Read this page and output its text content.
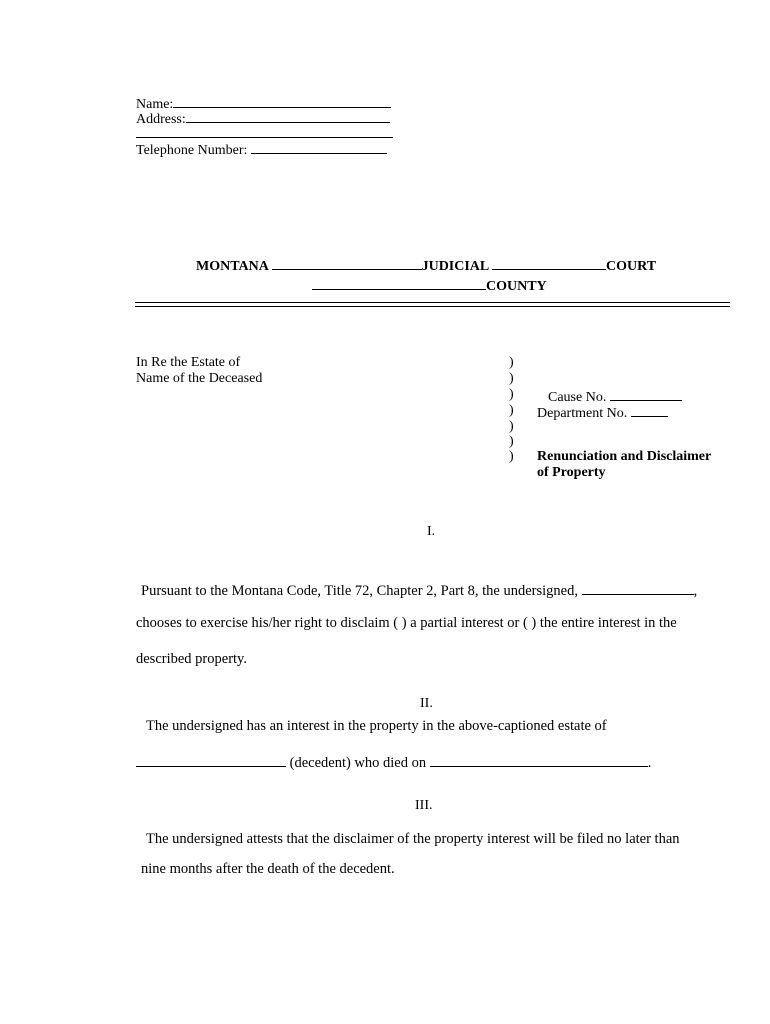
Name:
Address:
Telephone Number:
MONTANA	JUDICIAL	COURT
COUNTY
In Re the Estate of
Name of the Deceased
)
)
)
)
)
)
)
Cause No.
Department No.
Renunciation and Disclaimer
of Property
I.
Pursuant to the Montana Code, Title 72, Chapter 2, Part 8, the undersigned,	,
chooses to exercise his/her right to disclaim ( ) a partial interest or ( ) the entire interest in the
described property.
II.
The undersigned has an interest in the property in the above-captioned estate of
(decedent) who died on	.
III.
The undersigned attests that the disclaimer of the property interest will be filed no later than
nine months after the death of the decedent.
